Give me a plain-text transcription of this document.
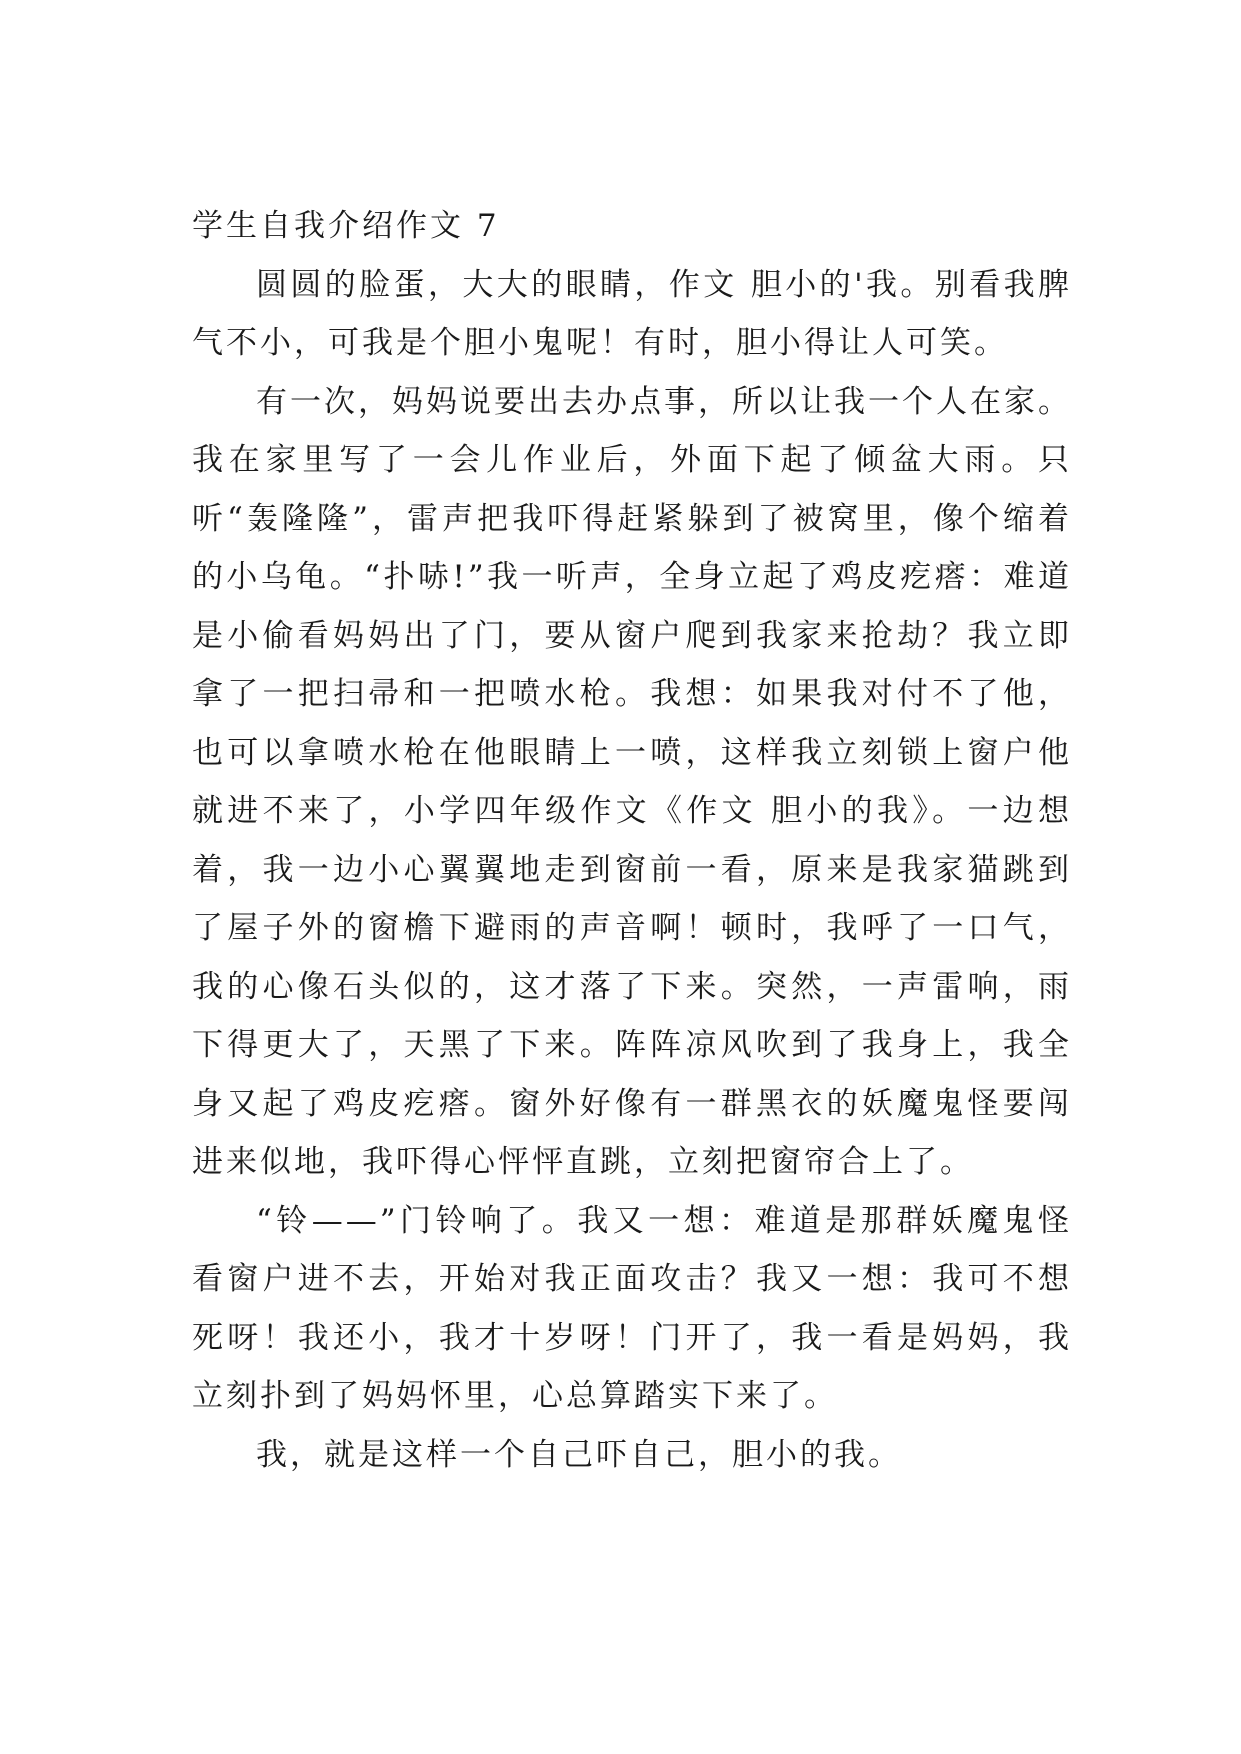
学生自我介绍作文 7

圆圆的脸蛋，大大的眼睛，作文 胆小的'我。别看我脾气不小，可我是个胆小鬼呢！有时，胆小得让人可笑。

有一次，妈妈说要出去办点事，所以让我一个人在家。我在家里写了一会儿作业后，外面下起了倾盆大雨。只听“轰隆隆”，雷声把我吓得赶紧躲到了被窝里，像个缩着的小乌龟。“扑哧!”我一听声，全身立起了鸡皮疙瘩：难道是小偷看妈妈出了门，要从窗户爬到我家来抢劫？我立即拿了一把扫帚和一把喷水枪。我想：如果我对付不了他，也可以拿喷水枪在他眼睛上一喷，这样我立刻锁上窗户他就进不来了，小学四年级作文《作文 胆小的我》。一边想着，我一边小心翼翼地走到窗前一看，原来是我家猫跳到了屋子外的窗檐下避雨的声音啊！顿时，我呼了一口气，我的心像石头似的，这才落了下来。突然，一声雷响，雨下得更大了，天黑了下来。阵阵凉风吹到了我身上，我全身又起了鸡皮疙瘩。窗外好像有一群黑衣的妖魔鬼怪要闯进来似地，我吓得心怦怦直跳，立刻把窗帘合上了。

“铃——”门铃响了。我又一想：难道是那群妖魔鬼怪看窗户进不去，开始对我正面攻击？我又一想：我可不想死呀！我还小，我才十岁呀！门开了，我一看是妈妈，我立刻扑到了妈妈怀里，心总算踏实下来了。

我，就是这样一个自己吓自己，胆小的我。
